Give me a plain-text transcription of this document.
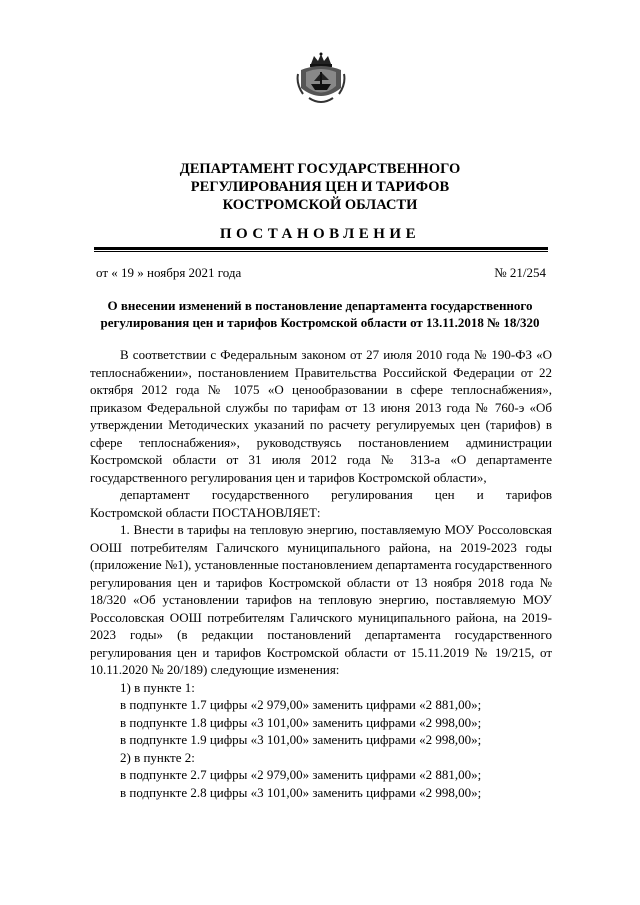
ДЕПАРТАМЕНТ ГОСУДАРСТВЕННОГО
РЕГУЛИРОВАНИЯ ЦЕН И ТАРИФОВ
КОСТРОМСКОЙ ОБЛАСТИ
ПОСТАНОВЛЕНИЕ
от « 19 » ноября 2021 года	№ 21/254
О внесении изменений в постановление департамента государственного
регулирования цен и тарифов Костромской области от 13.11.2018 № 18/320

В соответствии с Федеральным законом от 27 июля 2010 года № 190-ФЗ «О теплоснабжении», постановлением Правительства Российской Федерации от 22 октября 2012 года № 1075 «О ценообразовании в сфере теплоснабжения», приказом Федеральной службы по тарифам от 13 июня 2013 года № 760-э «Об утверждении Методических указаний по расчету регулируемых цен (тарифов) в сфере теплоснабжения», руководствуясь постановлением администрации Костромской области от 31 июля 2012 года № 313-а «О департаменте государственного регулирования цен и тарифов Костромской области»,

департамент государственного регулирования цен и тарифов

Костромской области ПОСТАНОВЛЯЕТ:

1. Внести в тарифы на тепловую энергию, поставляемую МОУ Россоловская ООШ потребителям Галичского муниципального района, на 2019-2023 годы (приложение №1), установленные постановлением департамента государственного регулирования цен и тарифов Костромской области от 13 ноября 2018 года № 18/320 «Об установлении тарифов на тепловую энергию, поставляемую МОУ Россоловская ООШ потребителям Галичского муниципального района, на 2019-2023 годы» (в редакции постановлений департамента государственного регулирования цен и тарифов Костромской области от 15.11.2019 № 19/215, от 10.11.2020 № 20/189) следующие изменения:

1) в пункте 1:

в подпункте 1.7 цифры «2 979,00» заменить цифрами «2 881,00»;

в подпункте 1.8 цифры «3 101,00» заменить цифрами «2 998,00»;

в подпункте 1.9 цифры «3 101,00» заменить цифрами «2 998,00»;

2) в пункте 2:

в подпункте 2.7 цифры «2 979,00» заменить цифрами «2 881,00»;

в подпункте 2.8 цифры «3 101,00» заменить цифрами «2 998,00»;
